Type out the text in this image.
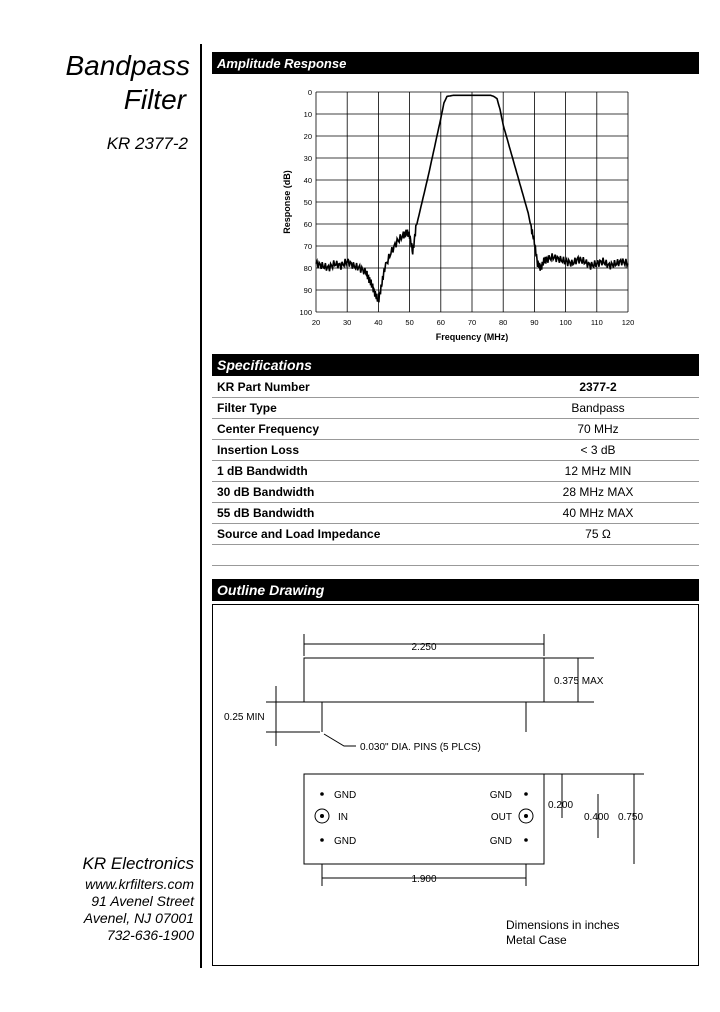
Bandpass
Filter
KR 2377-2
Amplitude Response
20	30	40	50	60	70	80	90	100	110	120
0
10
20
30
40
50
60
70
80
90
100
Frequency (MHz)
Response (dB)
Specifications
KR Part Number	2377-2
Filter Type	Bandpass
Center Frequency	70 MHz
Insertion Loss	< 3 dB
1 dB Bandwidth	12 MHz MIN
30 dB Bandwidth	28 MHz MAX
55 dB Bandwidth	40 MHz MAX
Source and Load Impedance	75 Ω

Outline Drawing
2.250
0.375 MAX
0.25 MIN
0.030" DIA. PINS (5 PLCS)
GND
IN
GND
GND
OUT
GND
1.900
0.200
0.400 0.750
Dimensions in inches
Metal Case
KR Electronics
www.krfilters.com
91 Avenel Street
Avenel, NJ 07001
732-636-1900
